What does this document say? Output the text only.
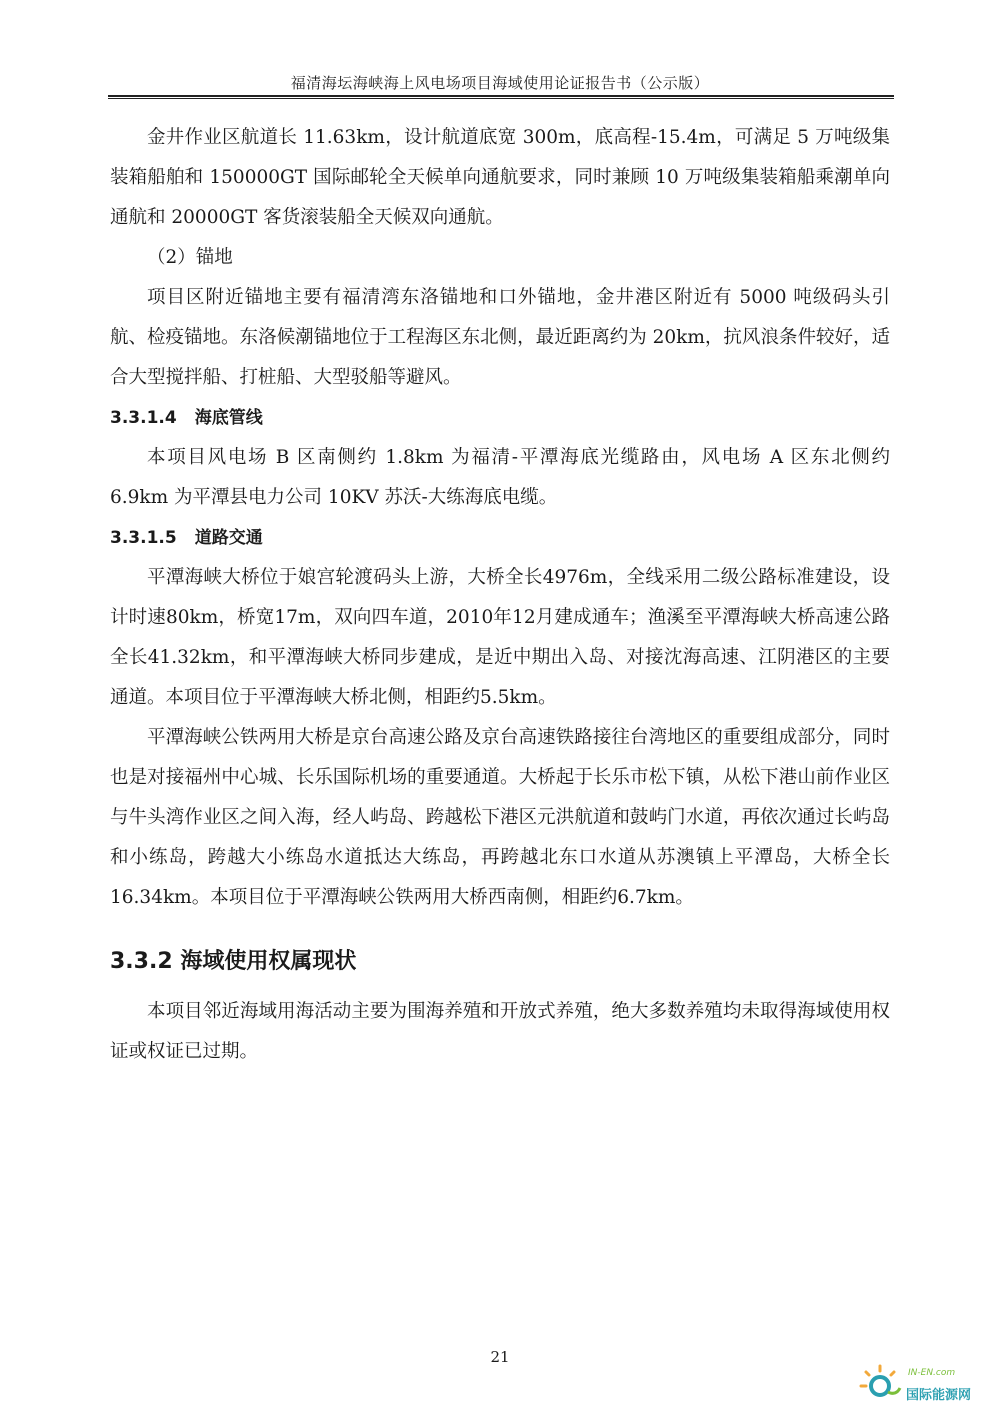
福清海坛海峡海上风电场项目海域使用论证报告书（公示版）

金井作业区航道长 11.63km，设计航道底宽 300m，底高程-15.4m，可满足 5 万吨级集装箱船舶和 150000GT 国际邮轮全天候单向通航要求，同时兼顾 10 万吨级集装箱船乘潮单向通航和 20000GT 客货滚装船全天候双向通航。

（2）锚地

项目区附近锚地主要有福清湾东洛锚地和口外锚地，金井港区附近有 5000 吨级码头引航、检疫锚地。东洛候潮锚地位于工程海区东北侧，最近距离约为 20km，抗风浪条件较好，适合大型搅拌船、打桩船、大型驳船等避风。

3.3.1.4 海底管线

本项目风电场 B 区南侧约 1.8km 为福清-平潭海底光缆路由，风电场 A 区东北侧约 6.9km 为平潭县电力公司 10KV 苏沃-大练海底电缆。

3.3.1.5 道路交通

平潭海峡大桥位于娘宫轮渡码头上游，大桥全长4976m，全线采用二级公路标准建设，设计时速80km，桥宽17m，双向四车道，2010年12月建成通车；渔溪至平潭海峡大桥高速公路全长41.32km，和平潭海峡大桥同步建成，是近中期出入岛、对接沈海高速、江阴港区的主要通道。本项目位于平潭海峡大桥北侧，相距约5.5km。

平潭海峡公铁两用大桥是京台高速公路及京台高速铁路接往台湾地区的重要组成部分，同时也是对接福州中心城、长乐国际机场的重要通道。大桥起于长乐市松下镇，从松下港山前作业区与牛头湾作业区之间入海，经人屿岛、跨越松下港区元洪航道和鼓屿门水道，再依次通过长屿岛和小练岛，跨越大小练岛水道抵达大练岛，再跨越北东口水道从苏澳镇上平潭岛，大桥全长16.34km。本项目位于平潭海峡公铁两用大桥西南侧，相距约6.7km。

3.3.2 海域使用权属现状

本项目邻近海域用海活动主要为围海养殖和开放式养殖，绝大多数养殖均未取得海域使用权证或权证已过期。

21
IN-EN.com
国际能源网
